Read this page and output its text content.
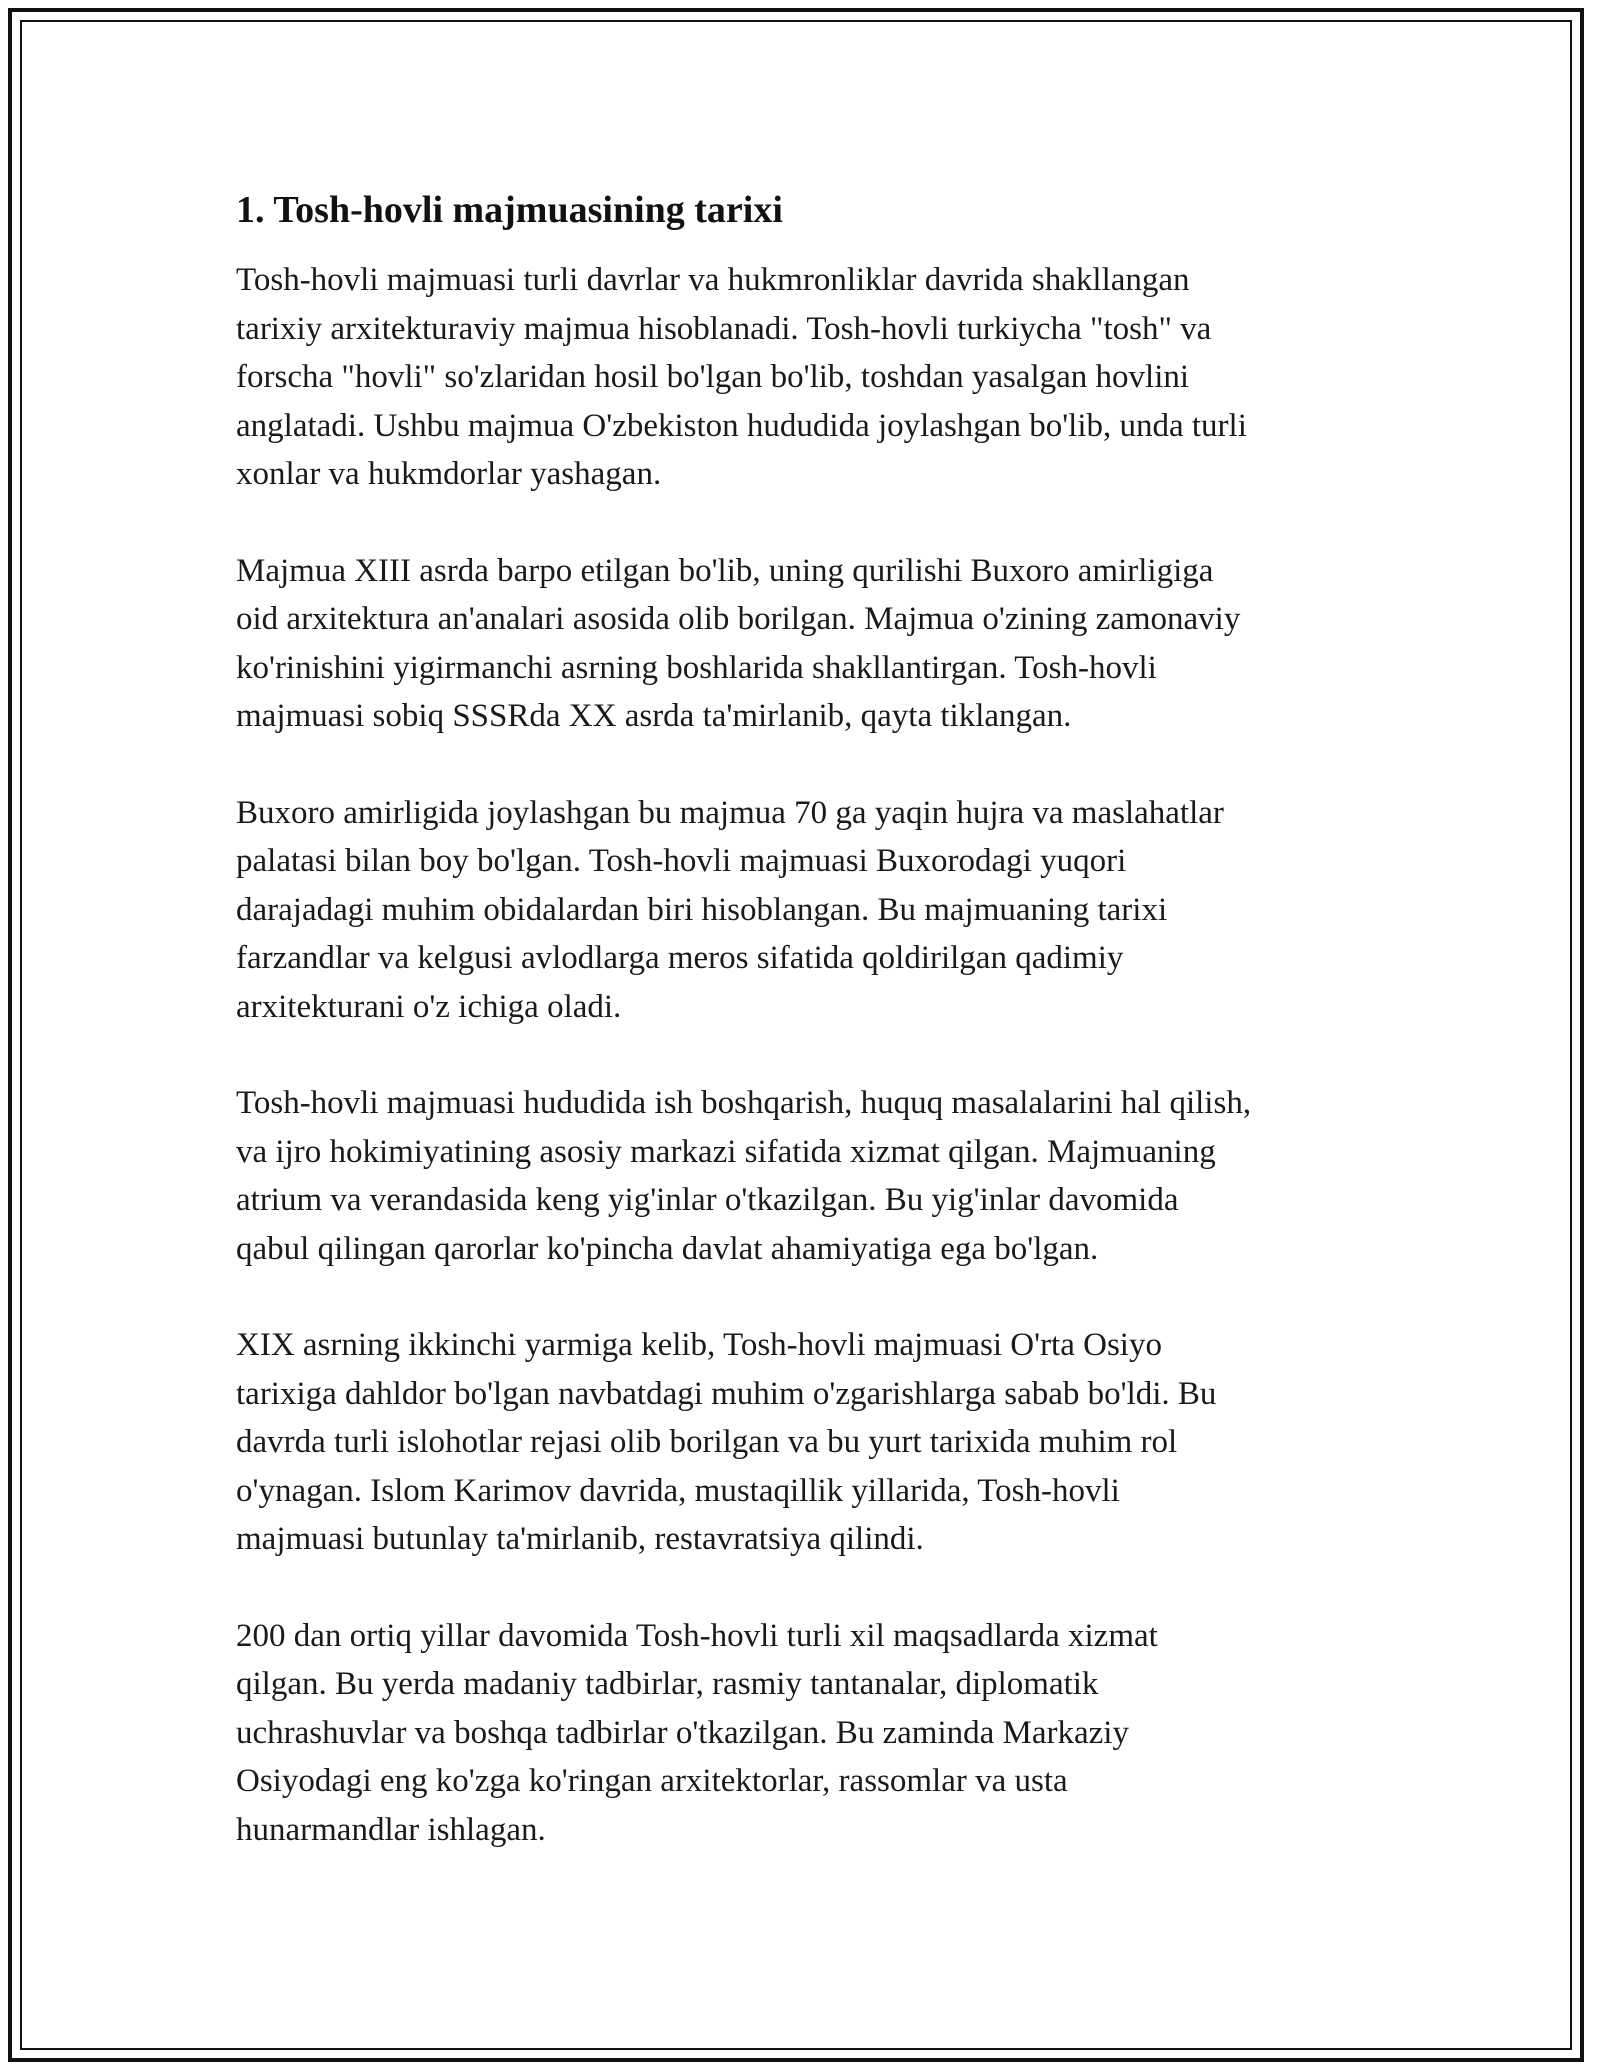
1. Tosh-hovli majmuasining tarixi

Tosh-hovli majmuasi turli davrlar va hukmronliklar davrida shakllangan
tarixiy arxitekturaviy majmua hisoblanadi. Tosh-hovli turkiycha "tosh" va
forscha "hovli" so'zlaridan hosil bo'lgan bo'lib, toshdan yasalgan hovlini
anglatadi. Ushbu majmua O'zbekiston hududida joylashgan bo'lib, unda turli
xonlar va hukmdorlar yashagan.

Majmua XIII asrda barpo etilgan bo'lib, uning qurilishi Buxoro amirligiga
oid arxitektura an'analari asosida olib borilgan. Majmua o'zining zamonaviy
ko'rinishini yigirmanchi asrning boshlarida shakllantirgan. Tosh-hovli
majmuasi sobiq SSSRda XX asrda ta'mirlanib, qayta tiklangan.

Buxoro amirligida joylashgan bu majmua 70 ga yaqin hujra va maslahatlar
palatasi bilan boy bo'lgan. Tosh-hovli majmuasi Buxorodagi yuqori
darajadagi muhim obidalardan biri hisoblangan. Bu majmuaning tarixi
farzandlar va kelgusi avlodlarga meros sifatida qoldirilgan qadimiy
arxitekturani o'z ichiga oladi.

Tosh-hovli majmuasi hududida ish boshqarish, huquq masalalarini hal qilish,
va ijro hokimiyatining asosiy markazi sifatida xizmat qilgan. Majmuaning
atrium va verandasida keng yig'inlar o'tkazilgan. Bu yig'inlar davomida
qabul qilingan qarorlar ko'pincha davlat ahamiyatiga ega bo'lgan.

XIX asrning ikkinchi yarmiga kelib, Tosh-hovli majmuasi O'rta Osiyo
tarixiga dahldor bo'lgan navbatdagi muhim o'zgarishlarga sabab bo'ldi. Bu
davrda turli islohotlar rejasi olib borilgan va bu yurt tarixida muhim rol
o'ynagan. Islom Karimov davrida, mustaqillik yillarida, Tosh-hovli
majmuasi butunlay ta'mirlanib, restavratsiya qilindi.

200 dan ortiq yillar davomida Tosh-hovli turli xil maqsadlarda xizmat
qilgan. Bu yerda madaniy tadbirlar, rasmiy tantanalar, diplomatik
uchrashuvlar va boshqa tadbirlar o'tkazilgan. Bu zaminda Markaziy
Osiyodagi eng ko'zga ko'ringan arxitektorlar, rassomlar va usta
hunarmandlar ishlagan.
